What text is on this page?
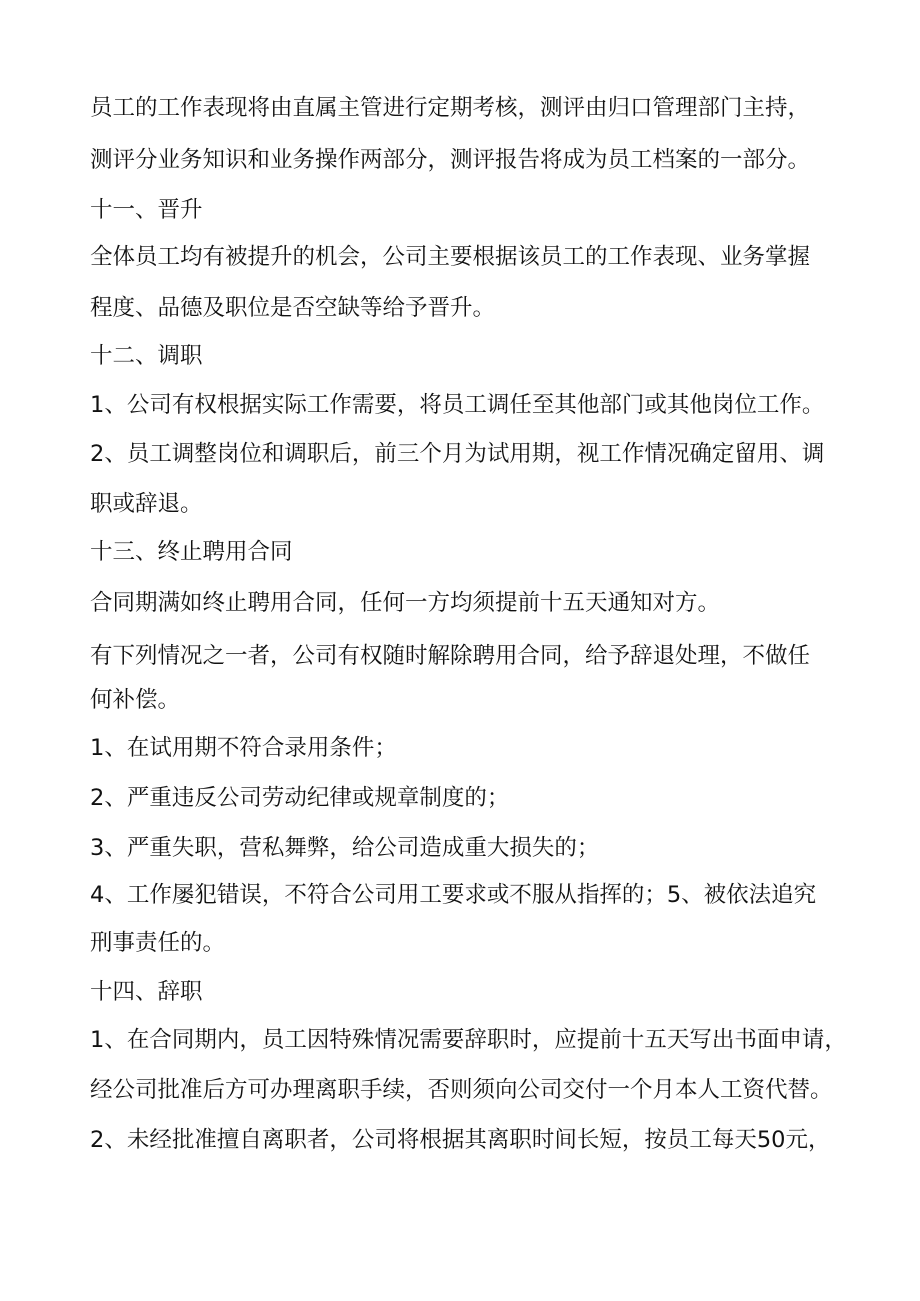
员工的工作表现将由直属主管进行定期考核，测评由归口管理部门主持，
测评分业务知识和业务操作两部分，测评报告将成为员工档案的一部分。
十一、晋升
全体员工均有被提升的机会，公司主要根据该员工的工作表现、业务掌握
程度、品德及职位是否空缺等给予晋升。
十二、调职
1、公司有权根据实际工作需要，将员工调任至其他部门或其他岗位工作。
2、员工调整岗位和调职后，前三个月为试用期，视工作情况确定留用、调
职或辞退。
十三、终止聘用合同
合同期满如终止聘用合同，任何一方均须提前十五天通知对方。
有下列情况之一者，公司有权随时解除聘用合同，给予辞退处理，不做任
何补偿。
1、在试用期不符合录用条件；
2、严重违反公司劳动纪律或规章制度的；
3、严重失职，营私舞弊，给公司造成重大损失的；
4、工作屡犯错误，不符合公司用工要求或不服从指挥的；5、被依法追究
刑事责任的。
十四、辞职
1、在合同期内，员工因特殊情况需要辞职时，应提前十五天写出书面申请，
经公司批准后方可办理离职手续，否则须向公司交付一个月本人工资代替。
2、未经批准擅自离职者，公司将根据其离职时间长短，按员工每天50元，
